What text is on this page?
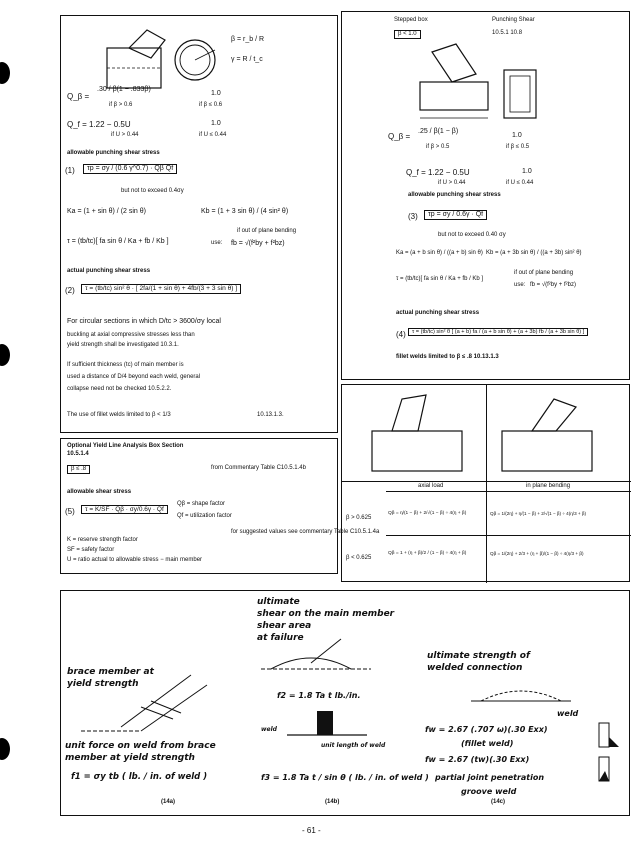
β = r_b / R
γ = R / t_c
Q_β =
.30 / β(1 − .833β)
if β > 0.6
1.0
if β ≤ 0.6
Q_f = 1.22 − 0.5U
if U > 0.44
1.0
if U ≤ 0.44
allowable punching shear stress
(1)	τp = σy / (0.6 γ^0.7) · Qβ Qf
but not to exceed 0.4σy
Ka = (1 + sin θ) / (2 sin θ)	Kb = (1 + 3 sin θ) / (4 sin² θ)
τ = (tb/tc)[ fa sin θ / Ka + fb / Kb ]
if out of plane bending
use: fb = √(f²by + f²bz)
actual punching shear stress
(2)	τ = (tb/tc) sin² θ · [ 2fa/(1 + sin θ) + 4fb/(3 + 3 sin θ) ]
For circular sections in which D/tc > 3600/σy local
buckling at axial compressive stresses less than
yield strength shall be investigated 10.3.1.
If sufficient thickness (tc) of main member is
used a distance of D/4 beyond each weld, general
collapse need not be checked 10.5.2.2.
The use of fillet welds limited to β < 1/3	10.13.1.3.
Stepped box
β < 1.0
Punching Shear
10.5.1 10.8
Q_β =
.25 / β(1 − β)
if β > 0.5
1.0
if β ≤ 0.5
Q_f = 1.22 − 0.5U
if U > 0.44
1.0
if U ≤ 0.44
allowable punching shear stress
(3)	τp = σy / 0.6γ · Qf
but not to exceed 0.40 σy
Ka = (a + b sin θ) / ((a + b) sin θ) Kb = (a + 3b sin θ) / ((a + 3b) sin² θ)
τ = (tb/tc)[ fa sin θ / Ka + fb / Kb ]
if out of plane bending
use: fb = √(f²by + f²bz)
actual punching shear stress
(4)	τ = (tb/tc) sin² θ [ (a + b) fa / (a + b sin θ) + (a + 3b) fb / (a + 3b sin θ) ]
fillet welds limited to β ≤ .8 10.13.1.3
Optional Yield Line Analysis Box Section
10.5.1.4
β ≤ .8	from Commentary Table C10.5.1.4b
allowable shear stress
(5)	τ = K/SF · Qβ · σy/0.6γ · Qf
Qβ = shape factor
Qf = utilization factor
for suggested values see commentary Table C10.5.1.4a
K = reserve strength factor
SF = safety factor
U = ratio actual to allowable stress − main member
axial load	in plane bending
β > 0.625
Qβ = η/(1 − β) + 2/√(1 − β) ÷ 4(η + β)	Qβ = 1/(2η) + η/(1 − β) + 2/√(1 − β) ÷ 4(η/3 + β)
β < 0.625
Qβ = 1 + (η + β)/2 / (1 − β) ÷ 4(η + β)	Qβ = 1/(2η) + 2/3 + (η + β)/(1 − β) ÷ 4(η/3 + β)
ultimate
shear on the main member
shear area
at failure
brace member at
yield strength
unit force on weld from brace
member at yield strength
f1 = σy tb ( lb. / in. of weld )
(14a)
f2 = 1.8 Ta t lb./in.
weld
unit length of weld
f3 = 1.8 Ta t / sin θ ( lb. / in. of weld )
(14b)
ultimate strength of
welded connection
weld
fw = 2.67 (.707 ω)(.30 Exx)
(fillet weld)
fw = 2.67 (tw)(.30 Exx)
partial joint penetration
groove weld
(14c)
- 61 -
